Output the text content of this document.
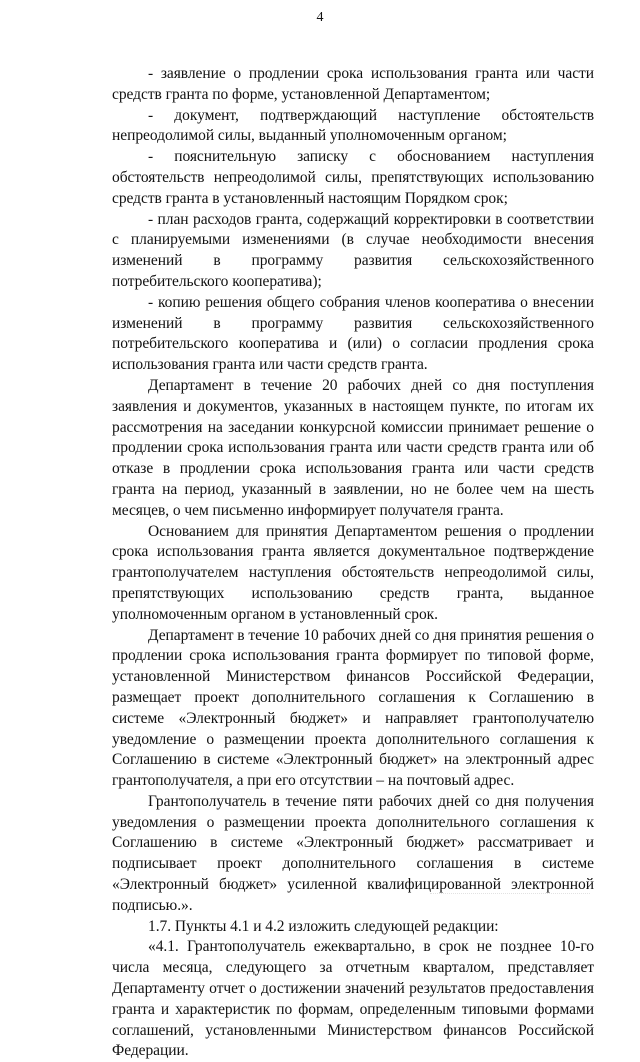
4

- заявление о продлении срока использования гранта или части средств гранта по форме, установленной Департаментом;

- документ, подтверждающий наступление обстоятельств непреодолимой силы, выданный уполномоченным органом;

- пояснительную записку с обоснованием наступления обстоятельств непреодолимой силы, препятствующих использованию средств гранта в установленный настоящим Порядком срок;

- план расходов гранта, содержащий корректировки в соответствии с планируемыми изменениями (в случае необходимости внесения изменений в программу развития сельскохозяйственного потребительского кооператива);

- копию решения общего собрания членов кооператива о внесении изменений в программу развития сельскохозяйственного потребительского кооператива и (или) о согласии продления срока использования гранта или части средств гранта.

Департамент в течение 20 рабочих дней со дня поступления заявления и документов, указанных в настоящем пункте, по итогам их рассмотрения на заседании конкурсной комиссии принимает решение о продлении срока использования гранта или части средств гранта или об отказе в продлении срока использования гранта или части средств гранта на период, указанный в заявлении, но не более чем на шесть месяцев, о чем письменно информирует получателя гранта.

Основанием для принятия Департаментом решения о продлении срока использования гранта является документальное подтверждение грантополучателем наступления обстоятельств непреодолимой силы, препятствующих использованию средств гранта, выданное уполномоченным органом в установленный срок.

Департамент в течение 10 рабочих дней со дня принятия решения о продлении срока использования гранта формирует по типовой форме, установленной Министерством финансов Российской Федерации, размещает проект дополнительного соглашения к Соглашению в системе «Электронный бюджет» и направляет грантополучателю уведомление о размещении проекта дополнительного соглашения к Соглашению в системе «Электронный бюджет» на электронный адрес грантополучателя, а при его отсутствии – на почтовый адрес.

Грантополучатель в течение пяти рабочих дней со дня получения уведомления о размещении проекта дополнительного соглашения к Соглашению в системе «Электронный бюджет» рассматривает и подписывает проект дополнительного соглашения в системе «Электронный бюджет» усиленной квалифицированной электронной подписью.».

1.7. Пункты 4.1 и 4.2 изложить следующей редакции:

«4.1. Грантополучатель ежеквартально, в срок не позднее 10-го числа месяца, следующего за отчетным кварталом, представляет Департаменту отчет о достижении значений результатов предоставления гранта и характеристик по формам, определенным типовыми формами соглашений, установленными Министерством финансов Российской Федерации.
